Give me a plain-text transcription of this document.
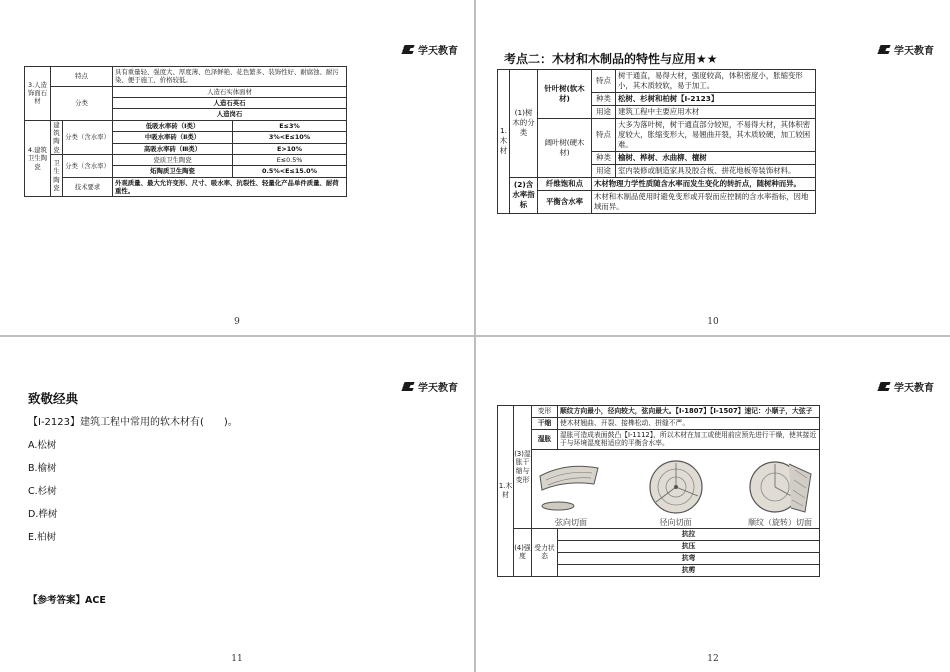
学天教育
3.人造饰面石材	特点		具有重量轻、强度大、厚度薄、色泽鲜艳、花色繁多、装饰性好、耐腐蚀、耐污染、便于施工、价格较低。	
	分类		人造石实体面材	
			人造石英石	
			人造岗石	
4.建筑卫生陶瓷	建筑陶瓷	分类（含水率）	低吸水率砖（Ⅰ类）	E≤3%
			中吸水率砖（Ⅱ类）	3%<E≤10%
			高吸水率砖（Ⅲ类）	E>10%
	卫生陶瓷	分类（含水率）	瓷质卫生陶瓷	E≤0.5%
			炻陶质卫生陶瓷	0.5%<E≤15.0%
		技术要求	外观质量、最大允许变形、尺寸、吸水率、抗裂性、轻量化产品单件质量、耐荷重性。	
9
学天教育
考点二：木材和木制品的特性与应用★★
1.木材	(1)树木的分类	针叶树(软木材)	特点	树干通直，易得大材，强度较高，体积密度小，胀缩变形小，其木质较软，易于加工。
			种类	松树、杉树和柏树【Ⅰ-2123】
			用途	建筑工程中主要应用木材
		阔叶树(硬木材)	特点	大多为落叶树，树干通直部分较短，不易得大材，其体积密度较大，胀缩变形大，易翘曲开裂，其木质较硬，加工较困难。
			种类	榆树、桦树、水曲柳、檀树
			用途	室内装修或制造家具及胶合板、拼花地板等装饰材料。
	(2)含水率指标	纤维饱和点	木材物理力学性质随含水率而发生变化的转折点，随树种而异。	
		平衡含水率	木材和木制品使用时避免变形或开裂而应控制的含水率指标，因地域而异。	
10
学天教育
致敬经典
【Ⅰ-2123】建筑工程中常用的软木材有(　　)。
A.松树
B.榆树
C.杉树
D.桦树
E.柏树
【参考答案】ACE
11
学天教育
1.木材	(3)湿胀干缩与变形	变形	顺纹方向最小，径向较大，弦向最大。【Ⅰ-1807】【Ⅰ-1507】速记：小顺子，大弦子
		干缩	使木材翘曲、开裂、接榫松动、拼缝不严。
		湿胀	湿胀可造成表面鼓凸【Ⅰ-1112】，所以木材在加工或使用前应预先进行干燥，使其接近于与环境湿度相适应的平衡含水率。

		弦向切面 径向切面 顺纹（旋转）切面	

	(4)强度	受力状态	抗拉
			抗压
			抗弯
			抗剪
12
